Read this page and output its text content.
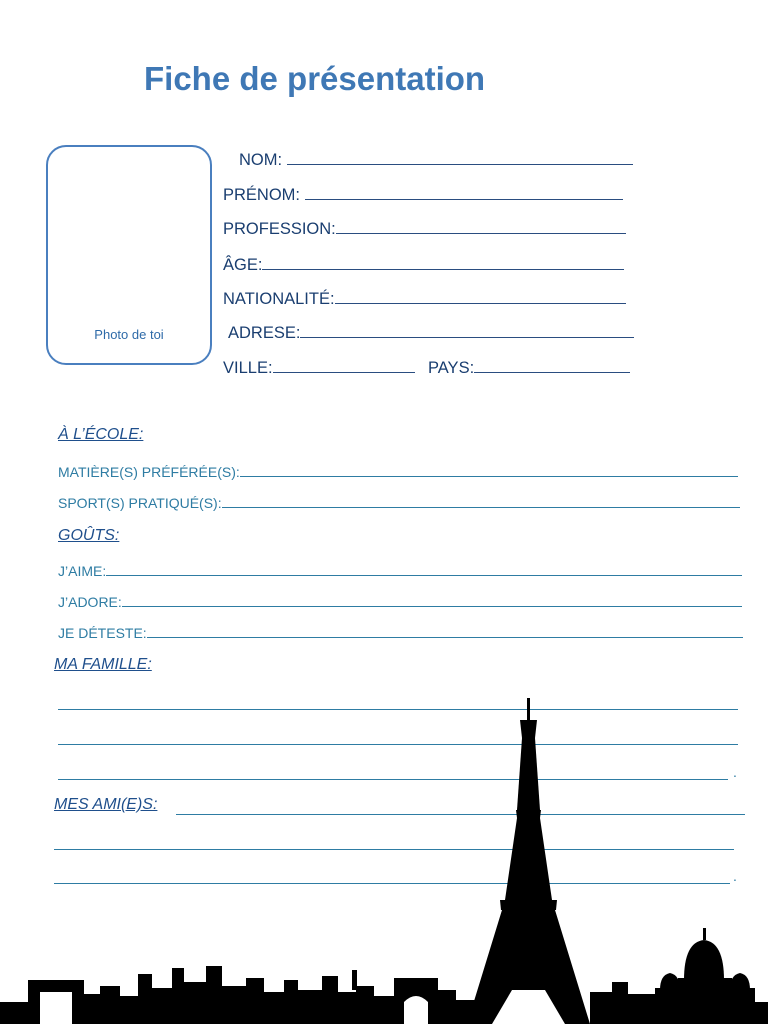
Fiche de présentation
Photo de toi
NOM:
PRÉNOM:
PROFESSION:
ÂGE:
NATIONALITÉ:
ADRESE:
VILLE:	PAYS:
À L’ÉCOLE:
MATIÈRE(S) PRÉFÉRÉE(S):
SPORT(S) PRATIQUÉ(S):
GOÛTS:
J’AIME:
J’ADORE:
JE DÉTESTE:
MA FAMILLE:
.
MES AMI(E)S:
.
